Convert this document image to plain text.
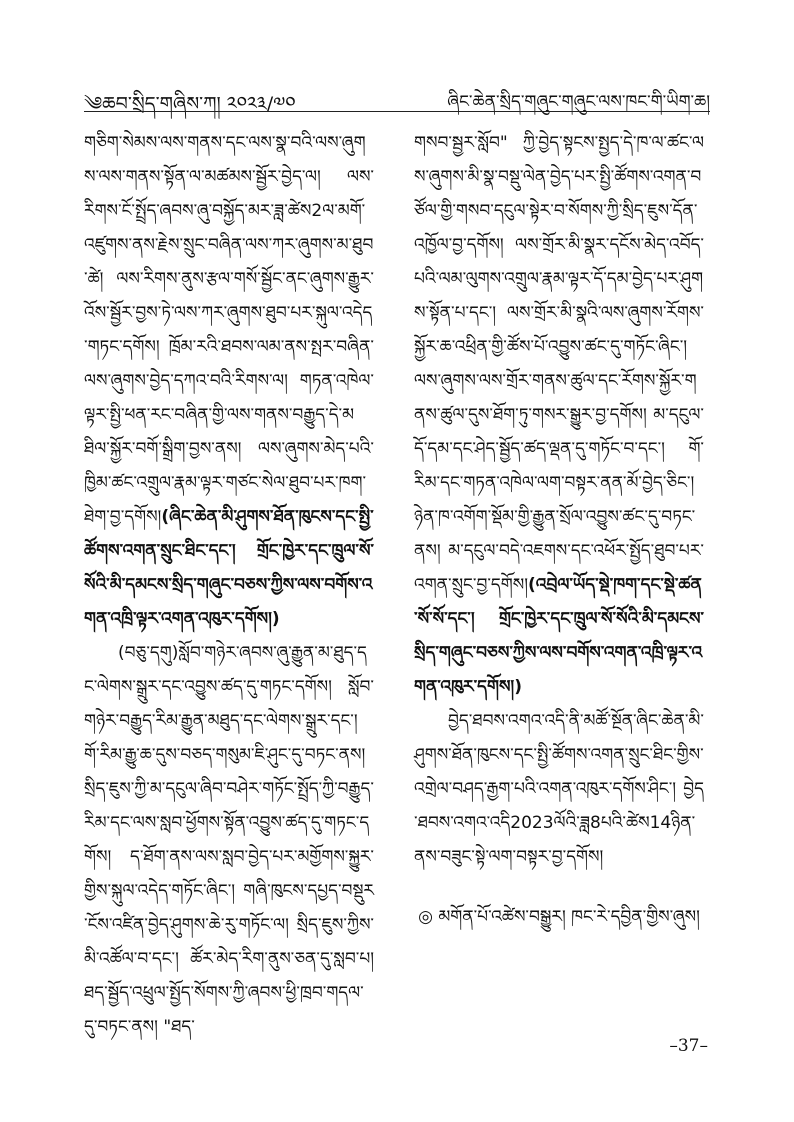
༄ཆབ་སྲིད་གཞིས་ཀ། ༢༠༢༣/༧༠	ཞིང་ཆེན་སྲིད་གཞུང་གཞུང་ལས་ཁང་གི་ཡིག་ཆ།

གཅིག་སེམས་ལས་གནས་དང་ལས་སྣ་བའི་ལས་ཞུགས་ལས་གནས་སྟོན་ལ་མཚམས་སྦྱོར་བྱེད་ལ། ལས་རིགས་ངོ་སྤྲོད་ཞབས་ཞུ་བསྐྱོད་མར་ཟླ་ཚེས2ལ་མགོ་འཛུགས་ནས་རྗེས་སྲུང་བཞིན་ལས་ཀར་ཞུགས་མ་ཐུབ་ཚེ། ལས་རིགས་ནུས་རྩལ་གསོ་སྦྱོང་ནང་ཞུགས་རྒྱུར་འོས་སྦྱོར་བྱས་ཏེ་ལས་ཀར་ཞུགས་ཐུབ་པར་སྐུལ་འདེད་གཏང་དགོས། ཁྲོམ་རའི་ཐབས་ལམ་ནས་སྤར་བཞིན་ལས་ཞུགས་བྱེད་དཀའ་བའི་རིགས་ལ། གཏན་འཁེལ་ལྟར་སྤྱི་ཕན་རང་བཞིན་གྱི་ལས་གནས་བརྒྱུད་དེ་མཐིལ་སྐྱོར་བགོ་སྒྲིག་བྱས་ནས། ལས་ཞུགས་མེད་པའི་ཁྱིམ་ཚང་འགྲུལ་རྣམ་ལྟར་གཙང་སེལ་ཐུབ་པར་ཁག་ཐེག་བྱ་དགོས།(ཞིང་ཆེན་མི་ཤུགས་ཐོན་ཁུངས་དང་སྤྱི་ཚོགས་འགན་སྲུང་ཐིང་དང་། གྲོང་ཁྱེར་དང་ཁྲུལ་སོ་སོའི་མི་དམངས་སྲིད་གཞུང་བཅས་ཀྱིས་ལས་བགོས་འགན་འཁྲི་ལྟར་འགན་འཁུར་དགོས།)

(བཅུ་དགུ)སློབ་གཉེར་ཞབས་ཞུ་རྒྱུན་མ་ཐུད་དང་ལེགས་སྒྲུར་དང་འབྱུས་ཚད་དུ་གཏང་དགོས། སློབ་གཉེར་བརྒྱུད་རིམ་རྒྱུན་མཐུད་དང་ལེགས་སྒྲུར་དང་། གོ་རིམ་རྒྱུ་ཆ་དུས་བཅད་གསུམ་ཇི་ཤུང་དུ་བཏང་ནས། སྲིད་ཇུས་ཀྱི་མ་དངུལ་ཞིབ་བཤེར་གཏོང་སྤྲོད་ཀྱི་བརྒྱུད་རིམ་དང་ལས་སླབ་ཕྱོགས་སྟོན་འབྱུས་ཚད་དུ་གཏང་དགོས། ད་ཐོག་ནས་ལས་སླབ་བྱེད་པར་མགྱོགས་སྐྱུར་གྱིས་སྐུལ་འདེད་གཏོང་ཞིང་། གཞི་ཁུངས་དཔྱད་བསྡུར་ངོས་འཛིན་བྱེད་ཤུགས་ཆེ་རུ་གཏོང་ལ། སྲིད་ཇུས་ཀྱིས་མི་འཚོལ་བ་དང་། ཚོར་མེད་རིག་ནུས་ཅན་དུ་སླབ་པ། ཐད་སྦྱོད་འཕྲུལ་སྤྱོད་སོགས་ཀྱི་ཞབས་ཕྱི་ཁྲབ་གདལ་དུ་བཏང་ནས། "ཐད་

གསབ་སྦྱར་སློབ" ཀྱི་བྱེད་སྟངས་སྤྱད་དེ་ཁ་ལ་ཚང་ལས་ཞུགས་མི་སྣ་བསྡུ་ལེན་བྱེད་པར་སྤྱི་ཚོགས་འགན་བཙོལ་གྱི་གསབ་དངུལ་སྟེར་བ་སོགས་ཀྱི་སྲིད་ཇུས་དོན་འཁྱོལ་བྱ་དགོས། ལས་གྲོར་མི་སྣར་དངོས་མེད་འབོད་པའི་ལམ་ལུགས་འགྲུལ་རྣམ་ལྟར་དོ་དམ་བྱེད་པར་ཤུགས་སྟོན་པ་དང་། ལས་གྲོར་མི་སྣའི་ལས་ཞུགས་རོགས་སྐྱོར་ཆ་འཕྲིན་གྱི་ཚོས་པོ་འབྱུས་ཚང་དུ་གཏོང་ཞིང་། ལས་ཞུགས་ལས་གྲོར་གནས་ཚུལ་དང་རོགས་སྐྱོར་གནས་ཚུལ་དུས་ཐོག་ཏུ་གསར་སྒྱུར་བྱ་དགོས། མ་དངུལ་དོ་དམ་དང་ཤེད་སྦྱོད་ཚད་ལྡན་དུ་གཏོང་བ་དང་། གོ་རིམ་དང་གཏན་འཁེལ་ལག་བསྟར་ནན་མོ་བྱེད་ཅིང་། ཉེན་ཁ་འགོག་སྡོམ་གྱི་རྒྱུན་སྲོལ་འབྱུས་ཚང་དུ་བཏང་ནས། མ་དངུལ་བདེ་འཇགས་དང་འཕོར་སྤྱོད་ཐུབ་པར་འགན་སྲུང་བྱ་དགོས།(འབྲེལ་ཡོད་སྡེ་ཁག་དང་སྡེ་ཚན་སོ་སོ་དང་། གྲོང་ཁྱེར་དང་ཁྲུལ་སོ་སོའི་མི་དམངས་སྲིད་གཞུང་བཅས་ཀྱིས་ལས་བགོས་འགན་འཁྲི་ལྟར་འགན་འཁུར་དགོས།)

བྱེད་ཐབས་འགའ་འདི་ནི་མཚོ་སྔོན་ཞིང་ཆེན་མི་ཤུགས་ཐོན་ཁུངས་དང་སྤྱི་ཚོགས་འགན་སྲུང་ཐིང་གྱིས་འགྲེལ་བཤད་རྒྱག་པའི་འགན་འཁུར་དགོས་ཤིང་། བྱེད་ཐབས་འགའ་འདི2023ལོའི་ཟླ8པའི་ཚེས14ཉིན་ནས་བཟུང་སྟེ་ལག་བསྟར་བྱ་དགོས།

◎ མགོན་པོ་འཚེས་བསྒྱུར། ཁང་རེ་དབྱིན་གྱིས་ཞུས།
–37–
